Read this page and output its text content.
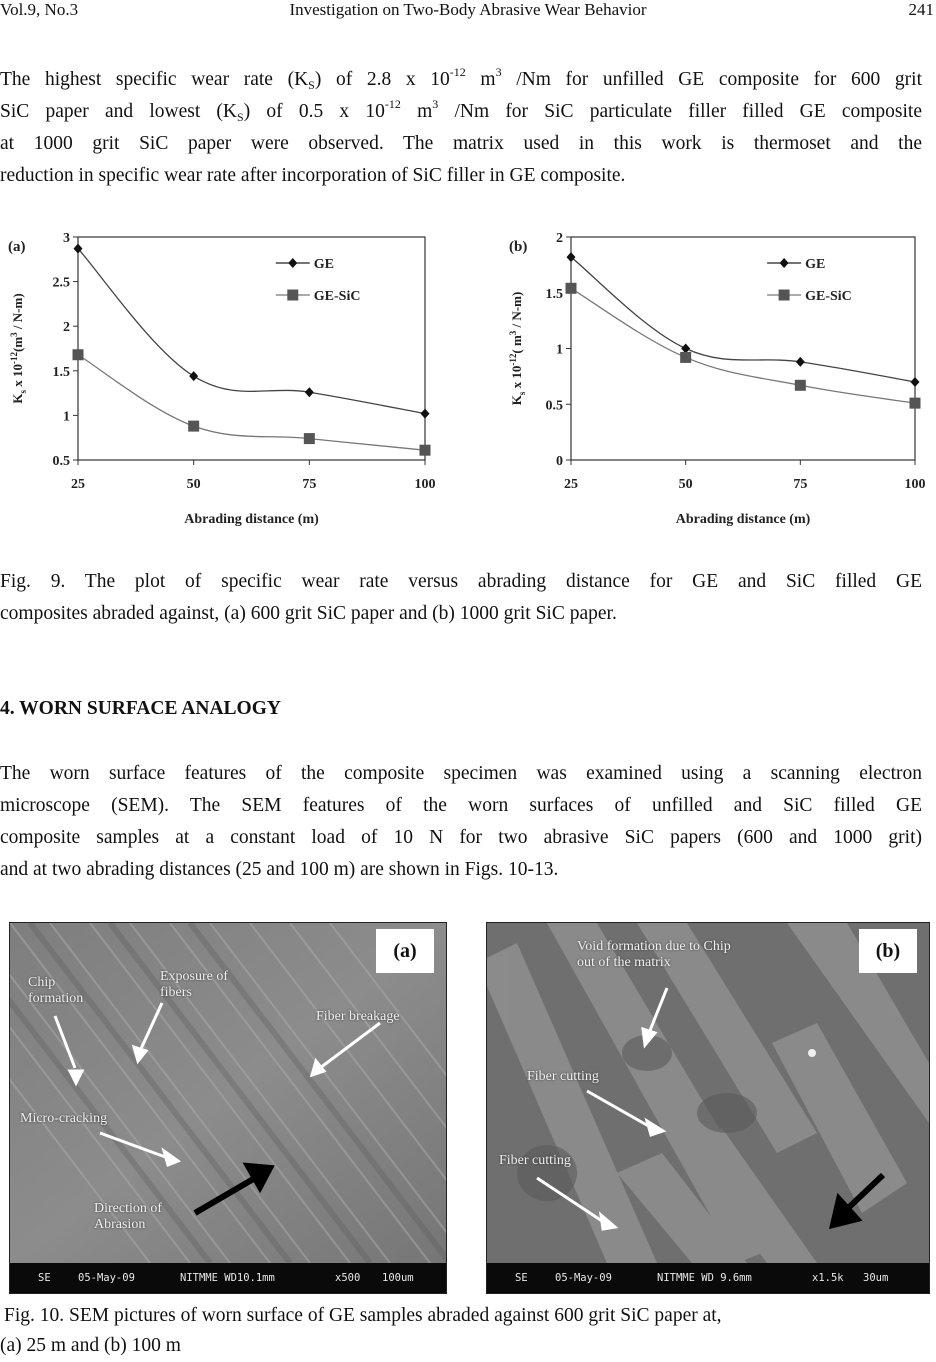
Vol.9, No.3	Investigation on Two-Body Abrasive Wear Behavior	241
The highest specific wear rate $(K_S)$ of 2.8 x $10^{-12}$ $m^3$ /Nm for unfilled GE composite for 600 grit
SiC paper and lowest $(K_S)$ of 0.5 x $10^{-12}$ $m^3$ /Nm for SiC particulate filler filled GE composite
at 1000 grit SiC paper were observed. The matrix used in this work is thermoset and the
reduction in specific wear rate after incorporation of SiC filler in GE composite.
(a)
0.5
1
1.5
2
2.5
3
25	50	75	100
Abrading distance (m)
$K_s$ x $10^{-12}(m^3 / N-m)$
GE
GE-SiC
(b)
0
0.5
1
1.5
2
25	50	75	100
Abrading distance (m)
$K_s$ x $10^{-12}$( $m^3 / N-m$)
GE
GE-SiC
Fig. 9. The plot of specific wear rate versus abrading distance for GE and SiC filled GE
composites abraded against, (a) 600 grit SiC paper and (b) 1000 grit SiC paper.
4. WORN SURFACE ANALOGY
The worn surface features of the composite specimen was examined using a scanning electron
microscope (SEM). The SEM features of the worn surfaces of unfilled and SiC filled GE
composite samples at a constant load of 10 N for two abrasive SiC papers (600 and 1000 grit)
and at two abrading distances (25 and 100 m) are shown in Figs. 10-13.
(a)
Chip formation
Exposure of fibers
Fiber breakage
Micro-cracking
Direction of Abrasion
SE	05-May-09	NITMME WD10.1mm	x500 100um
(b)
Void formation due to Chip out of the matrix
Fiber cutting
Fiber cutting
SE	05-May-09	NITMME WD 9.6mm	x1.5k 30um
Fig. 10. SEM pictures of worn surface of GE samples abraded against 600 grit SiC paper at,
(a) 25 m and (b) 100 m
